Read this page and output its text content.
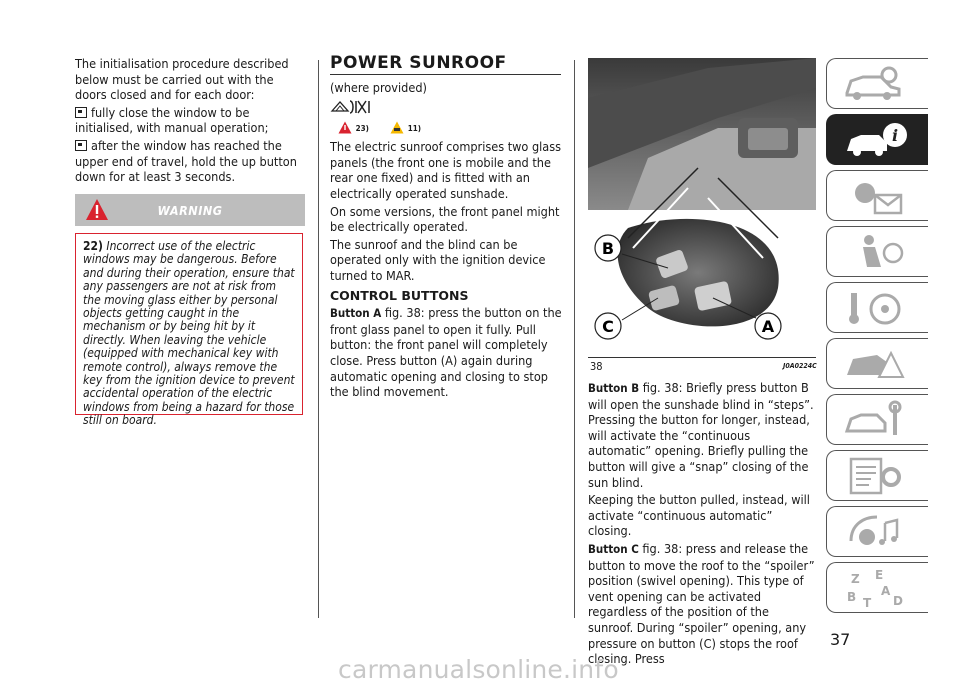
The initialisation procedure described below must be carried out with the doors closed and for each door:

fully close the window to be initialised, with manual operation;

after the window has reached the upper end of travel, hold the up button down for at least 3 seconds.

WARNING
22) Incorrect use of the electric windows may be dangerous. Before and during their operation, ensure that any passengers are not at risk from the moving glass either by personal objects getting caught in the mechanism or by being hit by it directly. When leaving the vehicle (equipped with mechanical key with remote control), always remove the key from the ignition device to prevent accidental operation of the electric windows from being a hazard for those still on board.
POWER SUNROOF

(where provided)

23)	11)

The electric sunroof comprises two glass panels (the front one is mobile and the rear one fixed) and is fitted with an electrically operated sunshade.

On some versions, the front panel might be electrically operated.

The sunroof and the blind can be operated only with the ignition device turned to MAR.

CONTROL BUTTONS

Button A fig. 38: press the button on the front glass panel to open it fully. Pull button: the front panel will completely close. Press button (A) again during automatic opening and closing to stop the blind movement.

B
C	A
38	J0A0224C

Button B fig. 38: Briefly press button B will open the sunshade blind in “steps”. Pressing the button for longer, instead, will activate the “continuous automatic” opening. Briefly pulling the button will give a “snap” closing of the sun blind.

Keeping the button pulled, instead, will activate “continuous automatic” closing.

Button C fig. 38: press and release the button to move the roof to the “spoiler” position (swivel opening). This type of vent opening can be activated regardless of the position of the sunroof. During “spoiler” opening, any pressure on button (C) stops the roof closing. Press

i
Z E
B A
T D
37
carmanualsonline.info
